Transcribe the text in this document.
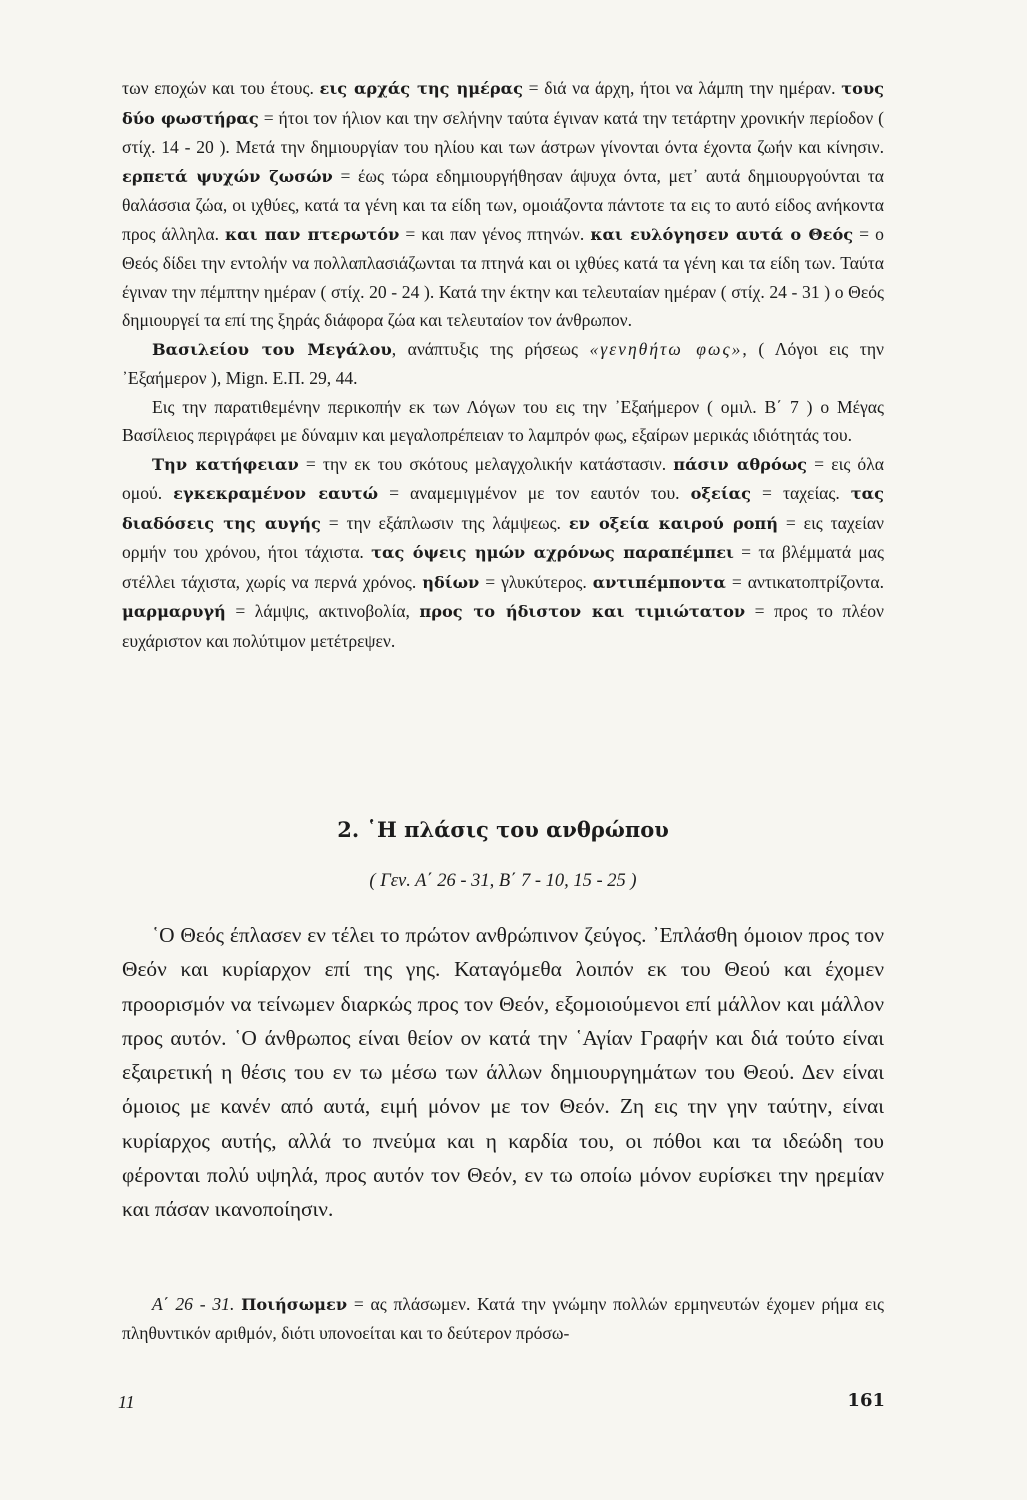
των εποχών και του έτους. εις αρχάς της ημέρας = διά να άρχη, ήτοι να λάμπη την ημέραν. τους δύο φωστήρας = ήτοι τον ήλιον και την σελήνην ταύτα έγιναν κατά την τετάρτην χρονικήν περίοδον ( στίχ. 14 - 20 ). Μετά την δημιουργίαν του ηλίου και των άστρων γίνονται όντα έχοντα ζωήν και κίνησιν. ερπετά ψυχών ζωσών = έως τώρα εδημιουργήθησαν άψυχα όντα, μετ᾽ αυτά δημιουργούνται τα θαλάσσια ζώα, οι ιχθύες, κατά τα γένη και τα είδη των, ομοιάζοντα πάντοτε τα εις το αυτό είδος ανήκοντα προς άλληλα. και παν πτερωτόν = και παν γένος πτηνών. και ευλόγησεν αυτά ο Θεός = ο Θεός δίδει την εντολήν να πολλαπλασιάζωνται τα πτηνά και οι ιχθύες κατά τα γένη και τα είδη των. Ταύτα έγιναν την πέμπτην ημέραν ( στίχ. 20 - 24 ). Κατά την έκτην και τελευταίαν ημέραν ( στίχ. 24 - 31 ) ο Θεός δημιουργεί τα επί της ξηράς διάφορα ζώα και τελευταίον τον άνθρωπον.

Βασιλείου του Μεγάλου, ανάπτυξις της ρήσεως «γενηθήτω φως», ( Λόγοι εις την ᾽Εξαήμερον ), Mign. Ε.Π. 29, 44.

Εις την παρατιθεμένην περικοπήν εκ των Λόγων του εις την ᾽Εξαήμερον ( ομιλ. Β΄ 7 ) ο Μέγας Βασίλειος περιγράφει με δύναμιν και μεγαλοπρέπειαν το λαμπρόν φως, εξαίρων μερικάς ιδιότητάς του.

Την κατήφειαν = την εκ του σκότους μελαγχολικήν κατάστασιν. πάσιν αθρόως = εις όλα ομού. εγκεκραμένον εαυτώ = αναμεμιγμένον με τον εαυτόν του. οξείας = ταχείας. τας διαδόσεις της αυγής = την εξάπλωσιν της λάμψεως. εν οξεία καιρού ροπή = εις ταχείαν ορμήν του χρόνου, ήτοι τάχιστα. τας όψεις ημών αχρόνως παραπέμπει = τα βλέμματά μας στέλλει τάχιστα, χωρίς να περνά χρόνος. ηδίων = γλυκύτερος. αντιπέμποντα = αντικατοπτρίζοντα. μαρμαρυγή = λάμψις, ακτινοβολία, προς το ήδιστον και τιμιώτατον = προς το πλέον ευχάριστον και πολύτιμον μετέτρεψεν.

2. ῾Η πλάσις του ανθρώπου
( Γεν. Α΄ 26 - 31, Β΄ 7 - 10, 15 - 25 )

῾Ο Θεός έπλασεν εν τέλει το πρώτον ανθρώπινον ζεύγος. ᾽Επλάσθη όμοιον προς τον Θεόν και κυρίαρχον επί της γης. Καταγόμεθα λοιπόν εκ του Θεού και έχομεν προορισμόν να τείνωμεν διαρκώς προς τον Θεόν, εξομοιούμενοι επί μάλλον και μάλλον προς αυτόν. ῾Ο άνθρωπος είναι θείον ον κατά την ῾Αγίαν Γραφήν και διά τούτο είναι εξαιρετική η θέσις του εν τω μέσω των άλλων δημιουργημάτων του Θεού. Δεν είναι όμοιος με κανέν από αυτά, ειμή μόνον με τον Θεόν. Ζη εις την γην ταύτην, είναι κυρίαρχος αυτής, αλλά το πνεύμα και η καρδία του, οι πόθοι και τα ιδεώδη του φέρονται πολύ υψηλά, προς αυτόν τον Θεόν, εν τω οποίω μόνον ευρίσκει την ηρεμίαν και πάσαν ικανοποίησιν.

Α΄ 26 - 31. Ποιήσωμεν = ας πλάσωμεν. Κατά την γνώμην πολλών ερμηνευτών έχομεν ρήμα εις πληθυντικόν αριθμόν, διότι υπονοείται και το δεύτερον πρόσω-

11	161
